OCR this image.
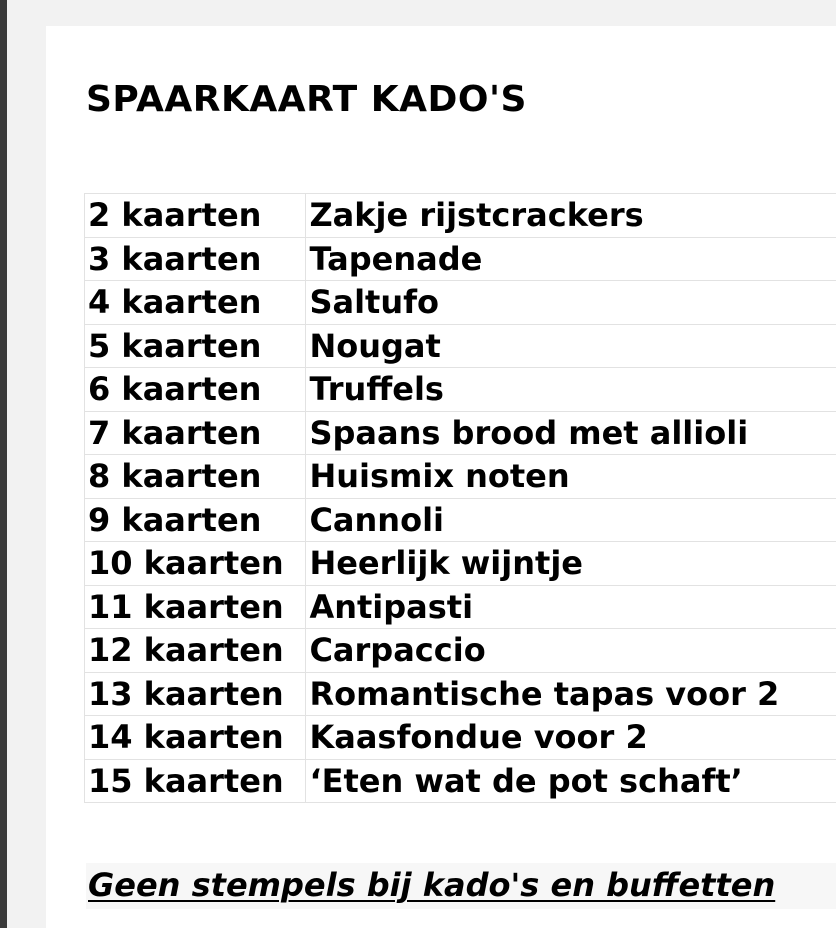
SPAARKAART KADO'S
2 kaarten	Zakje rijstcrackers
3 kaarten	Tapenade
4 kaarten	Saltufo
5 kaarten	Nougat
6 kaarten	Truffels
7 kaarten	Spaans brood met allioli
8 kaarten	Huismix noten
9 kaarten	Cannoli
10 kaarten	Heerlijk wijntje
11 kaarten	Antipasti
12 kaarten	Carpaccio
13 kaarten	Romantische tapas voor 2
14 kaarten	Kaasfondue voor 2
15 kaarten	‘Eten wat de pot schaft’
Geen stempels bij kado's en buffetten
